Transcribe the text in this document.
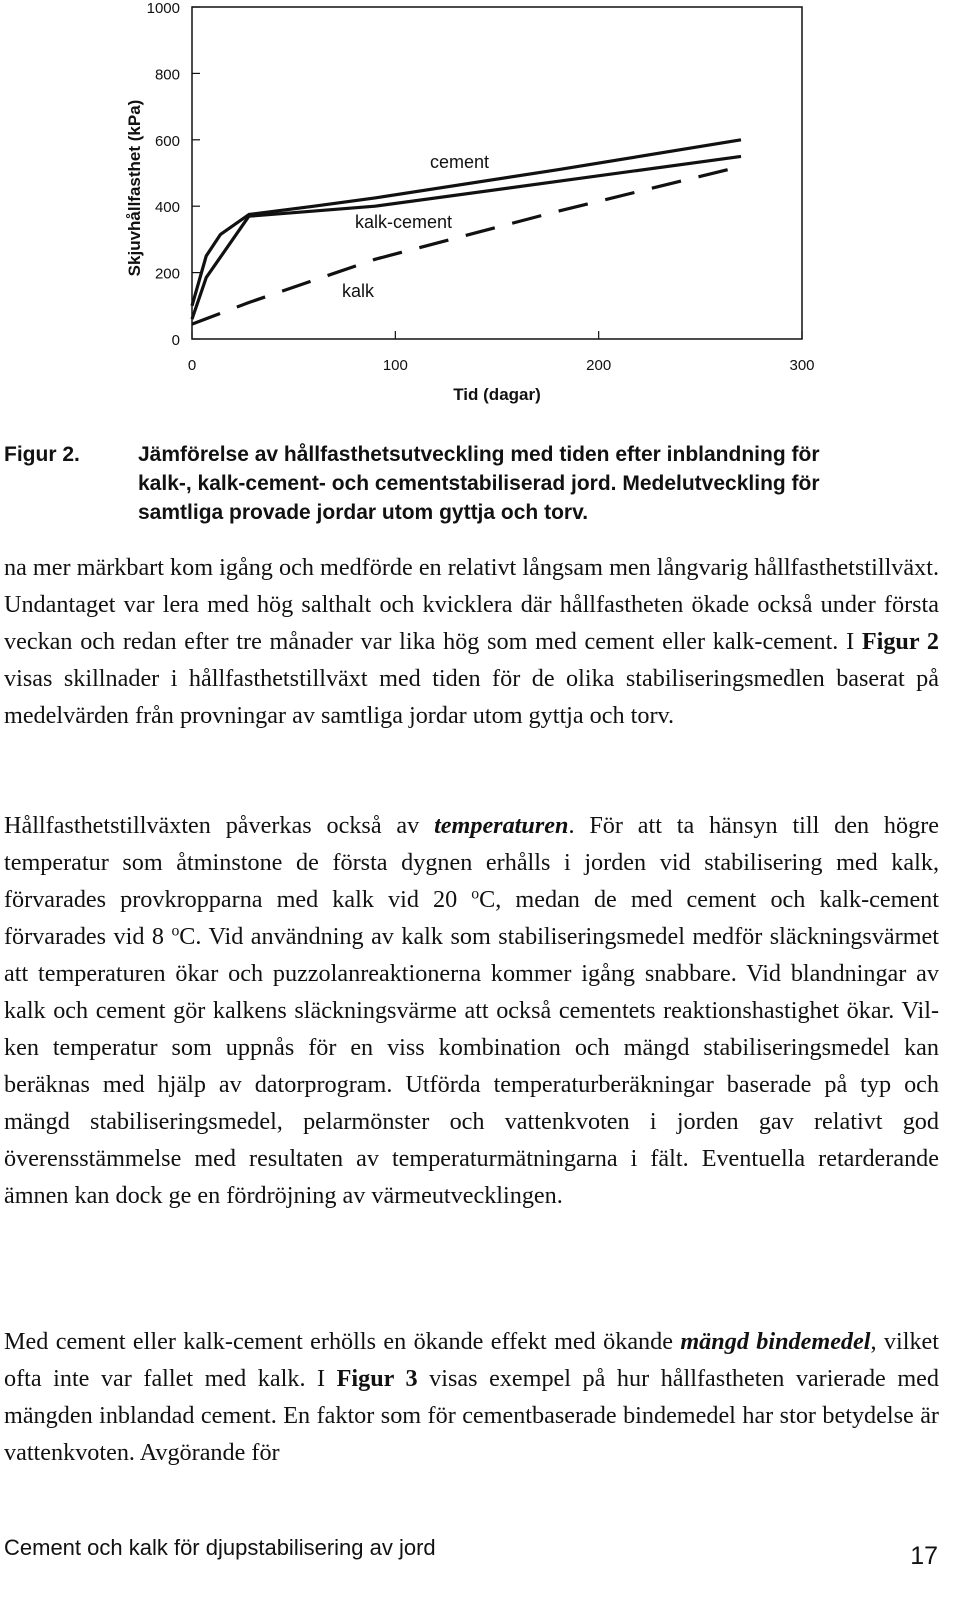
0
200
400
600
800
1000
0	100	200	300
Skjuvhållfasthet (kPa)
Tid (dagar)
cement
kalk-cement
kalk
Figur 2.	Jämförelse av hållfasthetsutveckling med tiden efter inblandning för
kalk-, kalk-cement- och cementstabiliserad jord. Medelutveckling för
samtliga provade jordar utom gyttja och torv.
na mer märkbart kom igång och medförde en relativt långsam men långvarig hållfasthetstillväxt. Undantaget var lera med hög salthalt och kvicklera där hållfastheten ökade också under första veckan och redan efter tre månader var lika hög som med cement eller kalk-cement. I Figur 2 visas skillnader i hållfasthetstillväxt med tiden för de olika stabiliseringsmedlen baserat på medelvärden från provningar av samtliga jordar utom gyttja och torv.
Hållfasthetstillväxten påverkas också av temperaturen. För att ta hänsyn till den högre temperatur som åtminstone de första dygnen erhålls i jorden vid stabilisering med kalk, förvarades provkropparna med kalk vid 20 $^o$C, medan de med cement och kalk-cement förvarades vid 8 $^o$C. Vid användning av kalk som stabiliseringsmedel medför släckningsvärmet att temperaturen ökar och puzzolanreaktionerna kommer igång snabbare. Vid blandningar av kalk och cement gör kalkens släckningsvärme att också cementets reaktionshastighet ökar. Vilken temperatur som uppnås för en viss kombination och mängd stabiliseringsmedel kan beräknas med hjälp av datorprogram. Utförda temperaturberäkningar baserade på typ och mängd stabiliseringsmedel, pelarmönster och vattenkvoten i jorden gav relativt god överensstämmelse med resultaten av temperaturmätningarna i fält. Eventuella retarderande ämnen kan dock ge en fördröjning av värmeutvecklingen.
Med cement eller kalk-cement erhölls en ökande effekt med ökande mängd bindemedel, vilket ofta inte var fallet med kalk. I Figur 3 visas exempel på hur hållfastheten varierade med mängden inblandad cement. En faktor som för cementbaserade bindemedel har stor betydelse är vattenkvoten. Avgörande för
Cement och kalk för djupstabilisering av jord	17
